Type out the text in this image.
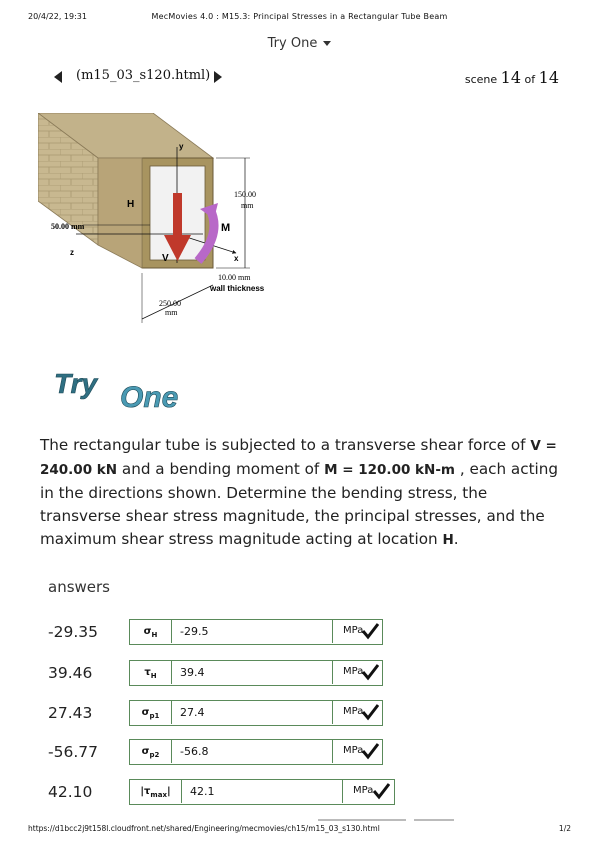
20/4/22, 19:31	MecMovies 4.0 : M15.3: Principal Stresses in a Rectangular Tube Beam
Try One
(m15_03_s120.html)	scene 14 of 14
y
z
x
H
M
V
150.00
mm
50.00 mm
10.00 mm
wall thickness
250.00
mm
Try One
The rectangular tube is subjected to a transverse shear force of V = 240.00 kN and a bending moment of M = 120.00 kN-m , each acting in the directions shown. Determine the bending stress, the transverse shear stress magnitude, the principal stresses, and the maximum shear stress magnitude acting at location H.
answers
-29.35	$\sigma_H$	-29.5	MPa
39.46	$\tau_H$	39.4	MPa
27.43	$\sigma_{p1}$	27.4	MPa
-56.77	$\sigma_{p2}$	-56.8	MPa
42.10	$|\tau_{max}|$	42.1	MPa
https://d1bcc2j9t158l.cloudfront.net/shared/Engineering/mecmovies/ch15/m15_03_s130.html	1/2
